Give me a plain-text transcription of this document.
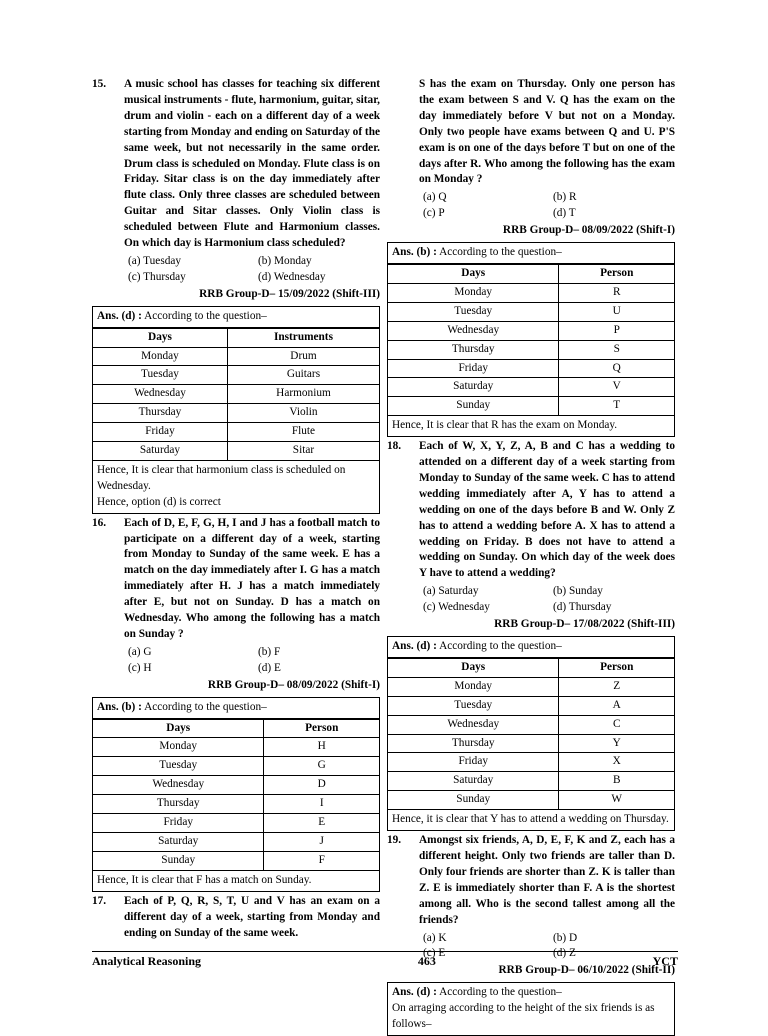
15.	A music school has classes for teaching six different musical instruments - flute, harmonium, guitar, sitar, drum and violin - each on a different day of a week starting from Monday and ending on Saturday of the same week, but not necessarily in the same order. Drum class is scheduled on Monday. Flute class is on Friday. Sitar class is on the day immediately after flute class. Only three classes are scheduled between Guitar and Sitar classes. Only Violin class is scheduled between Flute and Harmonium classes. On which day is Harmonium class scheduled?
(a) Tuesday	(b) Monday
(c) Thursday	(d) Wednesday
RRB Group-D– 15/09/2022 (Shift-III)
Ans. (d) : According to the question–
Days	Instruments
Monday	Drum
Tuesday	Guitars
Wednesday	Harmonium
Thursday	Violin
Friday	Flute
Saturday	Sitar
Hence, It is clear that harmonium class is scheduled on Wednesday.
Hence, option (d) is correct
16.	Each of D, E, F, G, H, I and J has a football match to participate on a different day of a week, starting from Monday to Sunday of the same week. E has a match on the day immediately after I. G has a match immediately after H. J has a match immediately after E, but not on Sunday. D has a match on Wednesday. Who among the following has a match on Sunday ?
(a) G	(b) F
(c) H	(d) E
RRB Group-D– 08/09/2022 (Shift-I)
Ans. (b) : According to the question–
Days	Person
Monday	H
Tuesday	G
Wednesday	D
Thursday	I
Friday	E
Saturday	J
Sunday	F
Hence, It is clear that F has a match on Sunday.
17.	Each of P, Q, R, S, T, U and V has an exam on a different day of a week, starting from Monday and ending on Sunday of the same week.
S has the exam on Thursday. Only one person has the exam between S and V. Q has the exam on the day immediately before V but not on a Monday. Only two people have exams between Q and U. P'S exam is on one of the days before T but on one of the days after R. Who among the following has the exam on Monday ?
(a) Q	(b) R
(c) P	(d) T
RRB Group-D– 08/09/2022 (Shift-I)
Ans. (b) : According to the question–
Days	Person
Monday	R
Tuesday	U
Wednesday	P
Thursday	S
Friday	Q
Saturday	V
Sunday	T
Hence, It is clear that R has the exam on Monday.
18.	Each of W, X, Y, Z, A, B and C has a wedding to attended on a different day of a week starting from Monday to Sunday of the same week. C has to attend wedding immediately after A, Y has to attend a wedding on one of the days before B and W. Only Z has to attend a wedding before A. X has to attend a wedding on Friday. B does not have to attend a wedding on Sunday. On which day of the week does Y have to attend a wedding?
(a) Saturday	(b) Sunday
(c) Wednesday	(d) Thursday
RRB Group-D– 17/08/2022 (Shift-III)
Ans. (d) : According to the question–
Days	Person
Monday	Z
Tuesday	A
Wednesday	C
Thursday	Y
Friday	X
Saturday	B
Sunday	W
Hence, it is clear that Y has to attend a wedding on Thursday.
19.	Amongst six friends, A, D, E, F, K and Z, each has a different height. Only two friends are taller than D. Only four friends are shorter than Z. K is taller than Z. E is immediately shorter than F. A is the shortest among all. Who is the second tallest among all the friends?
(a) K	(b) D
(c) E	(d) Z
RRB Group-D– 06/10/2022 (Shift-II)
Ans. (d) : According to the question–
On arraging according to the height of the six friends is as follows–
Analytical Reasoning	463	YCT
